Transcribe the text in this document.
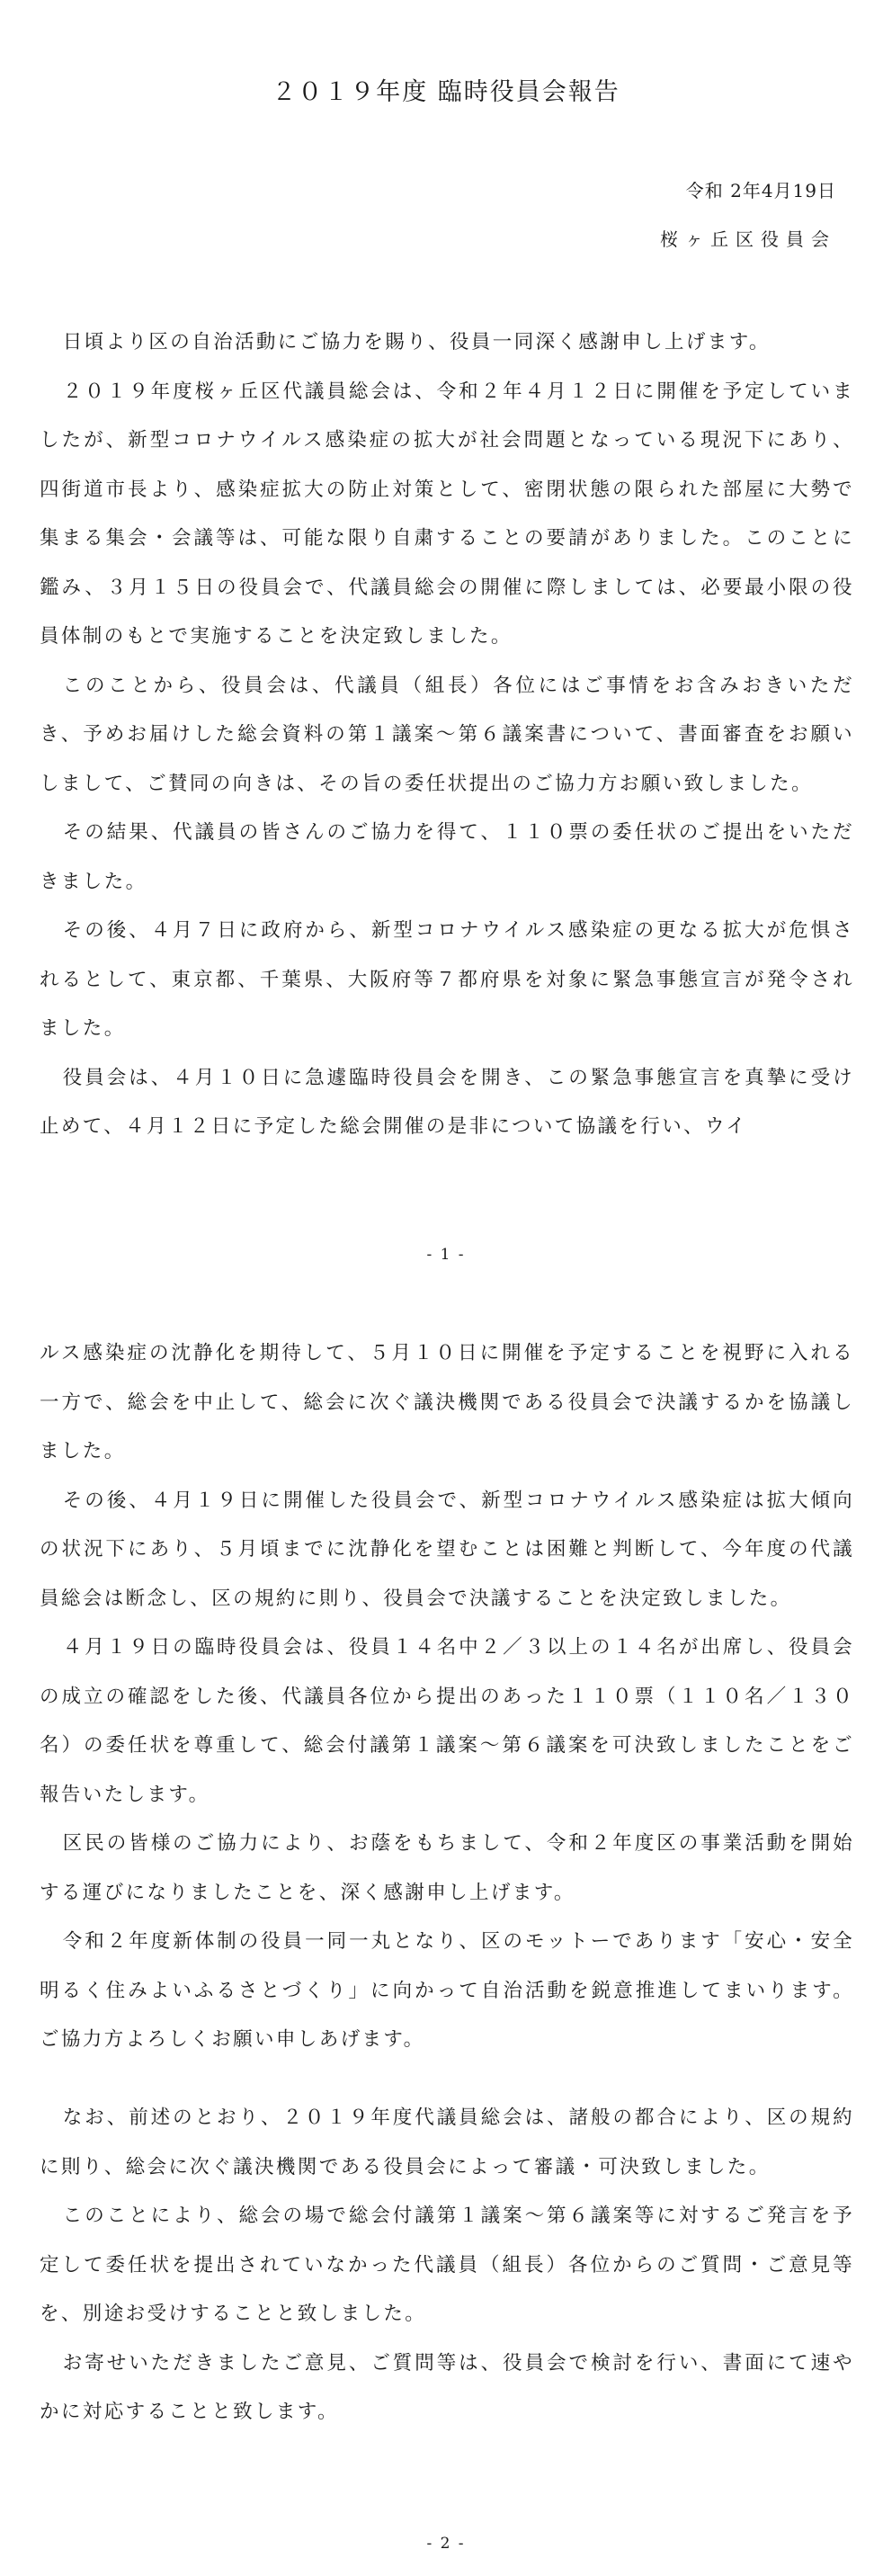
２０１９年度 臨時役員会報告
令和 2年4月19日
桜ヶ丘区役員会

日頃より区の自治活動にご協力を賜り、役員一同深く感謝申し上げます。

２０１９年度桜ヶ丘区代議員総会は、令和２年４月１２日に開催を予定していましたが、新型コロナウイルス感染症の拡大が社会問題となっている現況下にあり、四街道市長より、感染症拡大の防止対策として、密閉状態の限られた部屋に大勢で集まる集会・会議等は、可能な限り自粛することの要請がありました。このことに鑑み、３月１５日の役員会で、代議員総会の開催に際しましては、必要最小限の役員体制のもとで実施することを決定致しました。

このことから、役員会は、代議員（組長）各位にはご事情をお含みおきいただき、予めお届けした総会資料の第１議案～第６議案書について、書面審査をお願いしまして、ご賛同の向きは、その旨の委任状提出のご協力方お願い致しました。

その結果、代議員の皆さんのご協力を得て、１１０票の委任状のご提出をいただきました。

その後、４月７日に政府から、新型コロナウイルス感染症の更なる拡大が危惧されるとして、東京都、千葉県、大阪府等７都府県を対象に緊急事態宣言が発令されました。

役員会は、４月１０日に急遽臨時役員会を開き、この緊急事態宣言を真摯に受け止めて、４月１２日に予定した総会開催の是非について協議を行い、ウイ

- 1 -

ルス感染症の沈静化を期待して、５月１０日に開催を予定することを視野に入れる一方で、総会を中止して、総会に次ぐ議決機関である役員会で決議するかを協議しました。

その後、４月１９日に開催した役員会で、新型コロナウイルス感染症は拡大傾向の状況下にあり、５月頃までに沈静化を望むことは困難と判断して、今年度の代議員総会は断念し、区の規約に則り、役員会で決議することを決定致しました。

４月１９日の臨時役員会は、役員１４名中２／３以上の１４名が出席し、役員会の成立の確認をした後、代議員各位から提出のあった１１０票（１１０名／１３０名）の委任状を尊重して、総会付議第１議案～第６議案を可決致しましたことをご報告いたします。

区民の皆様のご協力により、お蔭をもちまして、令和２年度区の事業活動を開始する運びになりましたことを、深く感謝申し上げます。

令和２年度新体制の役員一同一丸となり、区のモットーであります「安心・安全明るく住みよいふるさとづくり」に向かって自治活動を鋭意推進してまいります。ご協力方よろしくお願い申しあげます。

なお、前述のとおり、２０１９年度代議員総会は、諸般の都合により、区の規約に則り、総会に次ぐ議決機関である役員会によって審議・可決致しました。

このことにより、総会の場で総会付議第１議案～第６議案等に対するご発言を予定して委任状を提出されていなかった代議員（組長）各位からのご質問・ご意見等を、別途お受けすることと致しました。

お寄せいただきましたご意見、ご質問等は、役員会で検討を行い、書面にて速やかに対応することと致します。

- 2 -
